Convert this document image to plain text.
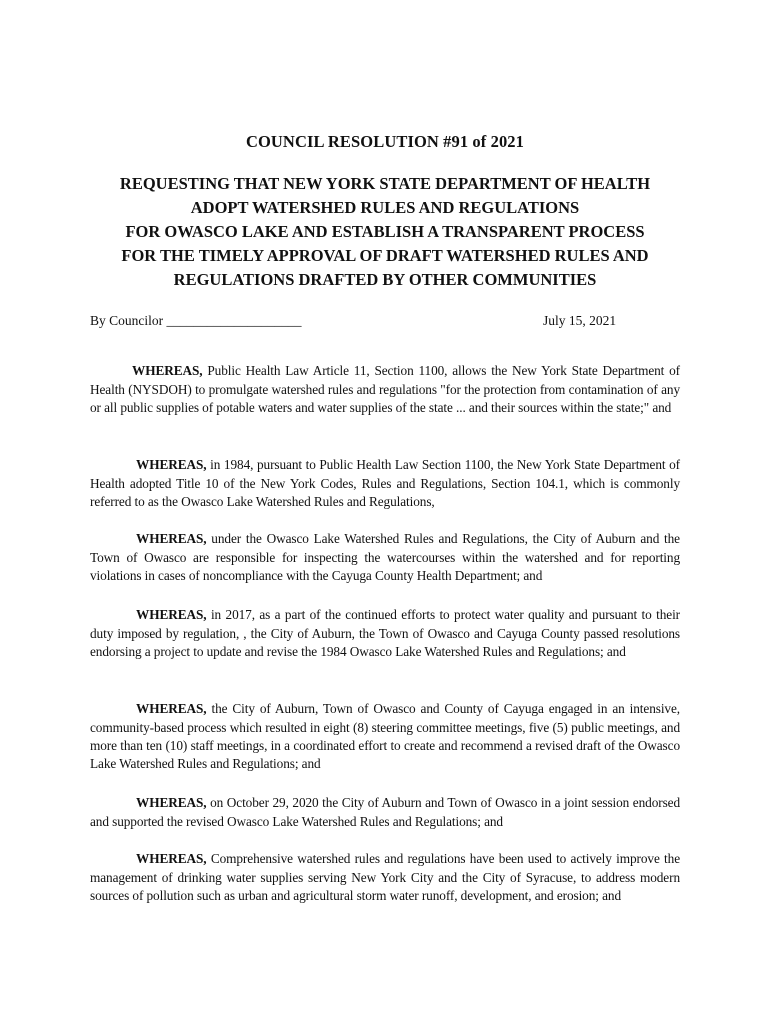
COUNCIL RESOLUTION #91 of 2021
REQUESTING THAT NEW YORK STATE DEPARTMENT OF HEALTH
ADOPT WATERSHED RULES AND REGULATIONS
FOR OWASCO LAKE AND ESTABLISH A TRANSPARENT PROCESS
FOR THE TIMELY APPROVAL OF DRAFT WATERSHED RULES AND
REGULATIONS DRAFTED BY OTHER COMMUNITIES
By Councilor ____________________	July 15, 2021

WHEREAS, Public Health Law Article 11, Section 1100, allows the New York State Department of Health (NYSDOH) to promulgate watershed rules and regulations "for the protection from contamination of any or all public supplies of potable waters and water supplies of the state ... and their sources within the state;" and

WHEREAS, in 1984, pursuant to Public Health Law Section 1100, the New York State Department of Health adopted Title 10 of the New York Codes, Rules and Regulations, Section 104.1, which is commonly referred to as the Owasco Lake Watershed Rules and Regulations,

WHEREAS, under the Owasco Lake Watershed Rules and Regulations, the City of Auburn and the Town of Owasco are responsible for inspecting the watercourses within the watershed and for reporting violations in cases of noncompliance with the Cayuga County Health Department; and

WHEREAS, in 2017, as a part of the continued efforts to protect water quality and pursuant to their duty imposed by regulation, , the City of Auburn, the Town of Owasco and Cayuga County passed resolutions endorsing a project to update and revise the 1984 Owasco Lake Watershed Rules and Regulations; and

WHEREAS, the City of Auburn, Town of Owasco and County of Cayuga engaged in an intensive, community-based process which resulted in eight (8) steering committee meetings, five (5) public meetings, and more than ten (10) staff meetings, in a coordinated effort to create and recommend a revised draft of the Owasco Lake Watershed Rules and Regulations; and

WHEREAS, on October 29, 2020 the City of Auburn and Town of Owasco in a joint session endorsed and supported the revised Owasco Lake Watershed Rules and Regulations; and

WHEREAS, Comprehensive watershed rules and regulations have been used to actively improve the management of drinking water supplies serving New York City and the City of Syracuse, to address modern sources of pollution such as urban and agricultural storm water runoff, development, and erosion; and
